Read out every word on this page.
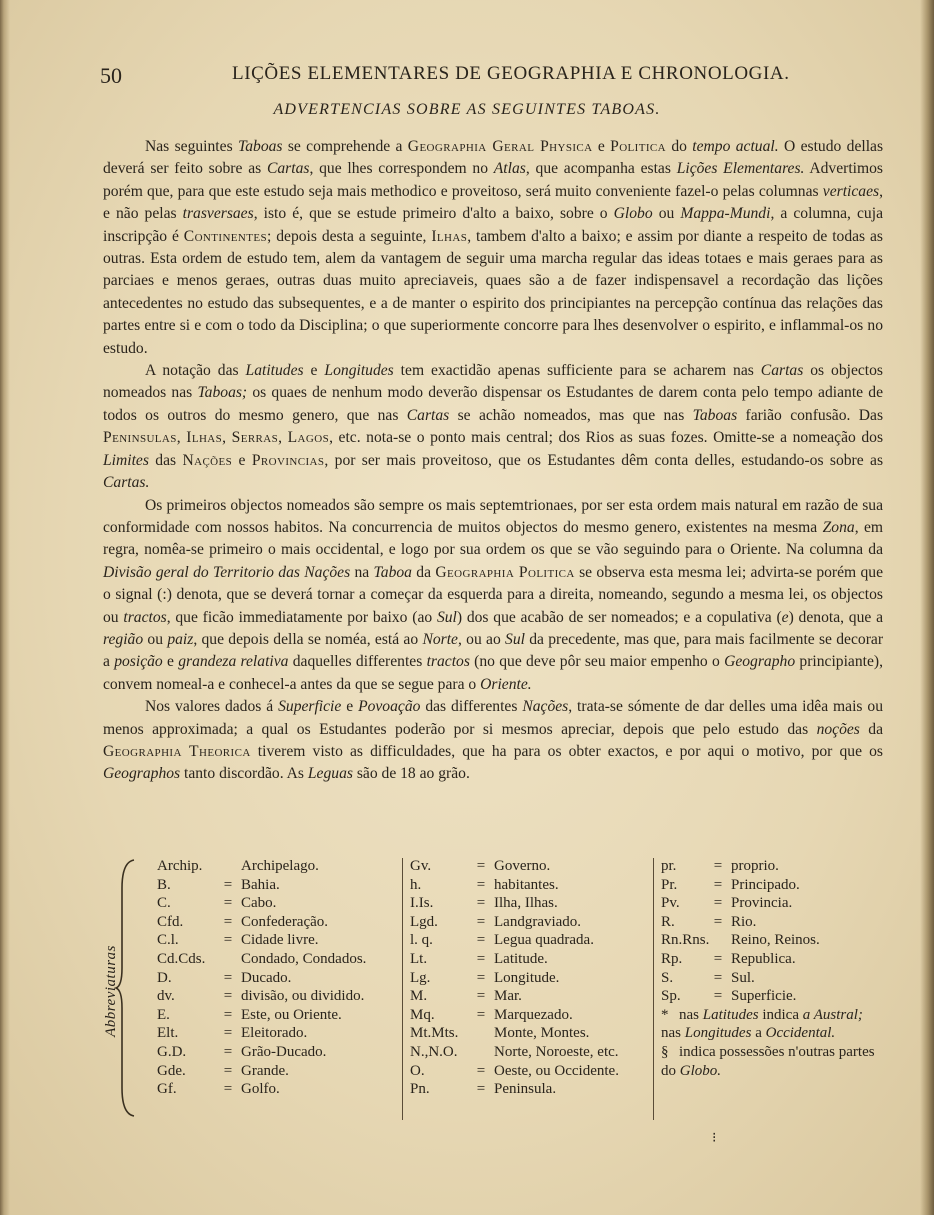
50	LIÇÕES ELEMENTARES DE GEOGRAPHIA E CHRONOLOGIA.
ADVERTENCIAS SOBRE AS SEGUINTES TABOAS.

Nas seguintes Taboas se comprehende a Geographia Geral Physica e Politica do tempo actual. O estudo dellas deverá ser feito sobre as Cartas, que lhes correspondem no Atlas, que acompanha estas Lições Elementares. Advertimos porém que, para que este estudo seja mais methodico e proveitoso, será muito conveniente fazel-o pelas columnas verticaes, e não pelas trasversaes, isto é, que se estude primeiro d'alto a baixo, sobre o Globo ou Mappa-Mundi, a columna, cuja inscripção é Continentes; depois desta a seguinte, Ilhas, tambem d'alto a baixo; e assim por diante a respeito de todas as outras. Esta ordem de estudo tem, alem da vantagem de seguir uma marcha regular das ideas totaes e mais geraes para as parciaes e menos geraes, outras duas muito apreciaveis, quaes são a de fazer indispensavel a recordação das lições antecedentes no estudo das subsequentes, e a de manter o espirito dos principiantes na percepção contínua das relações das partes entre si e com o todo da Disciplina; o que superiormente concorre para lhes desenvolver o espirito, e inflammal-os no estudo.

A notação das Latitudes e Longitudes tem exactidão apenas sufficiente para se acharem nas Cartas os objectos nomeados nas Taboas; os quaes de nenhum modo deverão dispensar os Estudantes de darem conta pelo tempo adiante de todos os outros do mesmo genero, que nas Cartas se achão nomeados, mas que nas Taboas farião confusão. Das Peninsulas, Ilhas, Serras, Lagos, etc. nota-se o ponto mais central; dos Rios as suas fozes. Omitte-se a nomeação dos Limites das Nações e Provincias, por ser mais proveitoso, que os Estudantes dêm conta delles, estudando-os sobre as Cartas.

Os primeiros objectos nomeados são sempre os mais septemtrionaes, por ser esta ordem mais natural em razão de sua conformidade com nossos habitos. Na concurrencia de muitos objectos do mesmo genero, existentes na mesma Zona, em regra, nomêa-se primeiro o mais occidental, e logo por sua ordem os que se vão seguindo para o Oriente. Na columna da Divisão geral do Territorio das Nações na Taboa da Geographia Politica se observa esta mesma lei; advirta-se porém que o signal (:) denota, que se deverá tornar a começar da esquerda para a direita, nomeando, segundo a mesma lei, os objectos ou tractos, que ficão immediatamente por baixo (ao Sul) dos que acabão de ser nomeados; e a copulativa (e) denota, que a região ou paiz, que depois della se noméa, está ao Norte, ou ao Sul da precedente, mas que, para mais facilmente se decorar a posição e grandeza relativa daquelles differentes tractos (no que deve pôr seu maior empenho o Geographo principiante), convem nomeal-a e conhecel-a antes da que se segue para o Oriente.

Nos valores dados á Superficie e Povoação das differentes Nações, trata-se sómente de dar delles uma idêa mais ou menos approximada; a qual os Estudantes poderão por si mesmos apreciar, depois que pelo estudo das noções da Geographia Theorica tiverem visto as difficuldades, que ha para os obter exactos, e por aqui o motivo, por que os Geographos tanto discordão. As Leguas são de 18 ao grão.

Abbreviaturas
Archip.	Archipelago.
B.	= Bahia.
C.	= Cabo.
Cfd.	= Confederação.
C.l.	= Cidade livre.
Cd.Cds. Condado, Condados.
D.	= Ducado.
dv.	= divisão, ou dividido.
E.	= Este, ou Oriente.
Elt.	= Eleitorado.
G.D.	= Grão-Ducado.
Gde.	= Grande.
Gf.	= Golfo.
Gv.	= Governo.
h.	= habitantes.
I.Is.	= Ilha, Ilhas.
Lgd.	= Landgraviado.
l. q.	= Legua quadrada.
Lt.	= Latitude.
Lg.	= Longitude.
M.	= Mar.
Mq.	= Marquezado.
Mt.Mts. Monte, Montes.
N.,N.O. Norte, Noroeste, etc.
O.	= Oeste, ou Occidente.
Pn.	= Peninsula.
pr. = proprio.
Pr. = Principado.
Pv. = Provincia.
R.	= Rio.
Rn.Rns. Reino, Reinos.
Rp. = Republica.
S.	= Sul.
Sp. = Superficie.
* nas Latitudes indica a Austral; nas Longitudes a Occidental.
§ indica possessões n'outras partes do Globo.
⁝
